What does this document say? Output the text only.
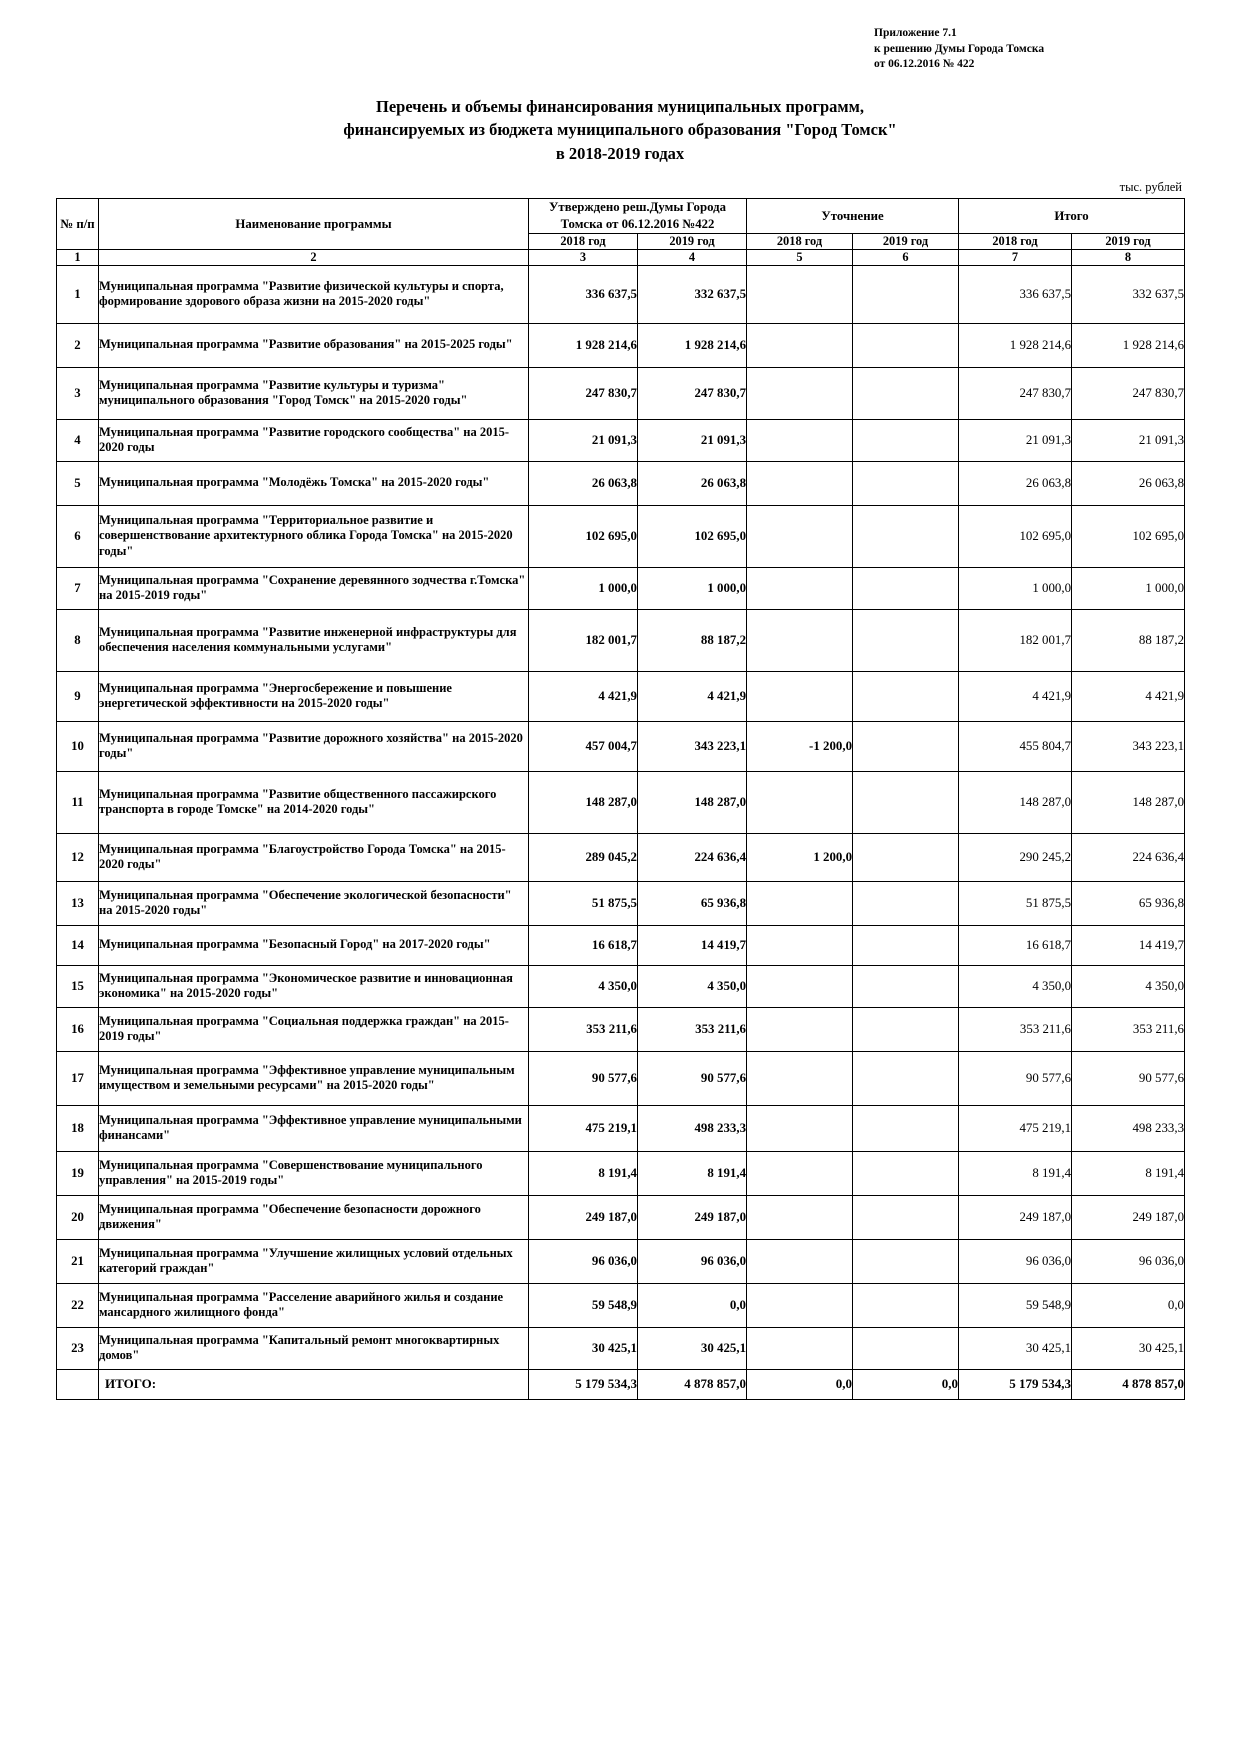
Приложение 7.1
к решению Думы Города Томска
от 06.12.2016 № 422
Перечень и объемы финансирования муниципальных программ,
финансируемых из бюджета муниципального образования "Город Томск"
в 2018-2019 годах
тыс. рублей
№ п/п	Наименование программы	Утверждено реш.Думы Города Томска от 06.12.2016 №422		Уточнение		Итого	
		2018 год	2019 год	2018 год	2019 год	2018 год	2019 год
1	2	3	4	5	6	7	8
1	Муниципальная программа "Развитие физической культуры и спорта, формирование здорового образа жизни на 2015-2020 годы"	336 637,5	332 637,5			336 637,5	332 637,5
2	Муниципальная программа "Развитие образования" на 2015-2025 годы"	1 928 214,6	1 928 214,6			1 928 214,6	1 928 214,6
3	Муниципальная программа "Развитие культуры и туризма" муниципального образования "Город Томск" на 2015-2020 годы"	247 830,7	247 830,7			247 830,7	247 830,7
4	Муниципальная программа "Развитие городского сообщества" на 2015-2020 годы	21 091,3	21 091,3			21 091,3	21 091,3
5	Муниципальная программа "Молодёжь Томска" на 2015-2020 годы"	26 063,8	26 063,8			26 063,8	26 063,8
6	Муниципальная программа "Территориальное развитие и совершенствование архитектурного облика Города Томска" на 2015-2020 годы"	102 695,0	102 695,0			102 695,0	102 695,0
7	Муниципальная программа "Сохранение деревянного зодчества г.Томска" на 2015-2019 годы"	1 000,0	1 000,0			1 000,0	1 000,0
8	Муниципальная программа "Развитие инженерной инфраструктуры для обеспечения населения коммунальными услугами"	182 001,7	88 187,2			182 001,7	88 187,2
9	Муниципальная программа "Энергосбережение и повышение энергетической эффективности на 2015-2020 годы"	4 421,9	4 421,9			4 421,9	4 421,9
10	Муниципальная программа "Развитие дорожного хозяйства" на 2015-2020 годы"	457 004,7	343 223,1	-1 200,0		455 804,7	343 223,1
11	Муниципальная программа "Развитие общественного пассажирского транспорта в городе Томске" на 2014-2020 годы"	148 287,0	148 287,0			148 287,0	148 287,0
12	Муниципальная программа "Благоустройство Города Томска" на 2015-2020 годы"	289 045,2	224 636,4	1 200,0		290 245,2	224 636,4
13	Муниципальная программа "Обеспечение экологической безопасности" на 2015-2020 годы"	51 875,5	65 936,8			51 875,5	65 936,8
14	Муниципальная программа "Безопасный Город" на 2017-2020 годы"	16 618,7	14 419,7			16 618,7	14 419,7
15	Муниципальная программа "Экономическое развитие и инновационная экономика" на 2015-2020 годы"	4 350,0	4 350,0			4 350,0	4 350,0
16	Муниципальная программа "Социальная поддержка граждан" на 2015-2019 годы"	353 211,6	353 211,6			353 211,6	353 211,6
17	Муниципальная программа "Эффективное управление муниципальным имуществом и земельными ресурсами" на 2015-2020 годы"	90 577,6	90 577,6			90 577,6	90 577,6
18	Муниципальная программа "Эффективное управление муниципальными финансами"	475 219,1	498 233,3			475 219,1	498 233,3
19	Муниципальная программа "Совершенствование муниципального управления" на 2015-2019 годы"	8 191,4	8 191,4			8 191,4	8 191,4
20	Муниципальная программа "Обеспечение безопасности дорожного движения"	249 187,0	249 187,0			249 187,0	249 187,0
21	Муниципальная программа "Улучшение жилищных условий отдельных категорий граждан"	96 036,0	96 036,0			96 036,0	96 036,0
22	Муниципальная программа "Расселение аварийного жилья и создание мансардного жилищного фонда"	59 548,9	0,0			59 548,9	0,0
23	Муниципальная программа "Капитальный ремонт многоквартирных домов"	30 425,1	30 425,1			30 425,1	30 425,1
	ИТОГО:	5 179 534,3	4 878 857,0	0,0	0,0	5 179 534,3	4 878 857,0
